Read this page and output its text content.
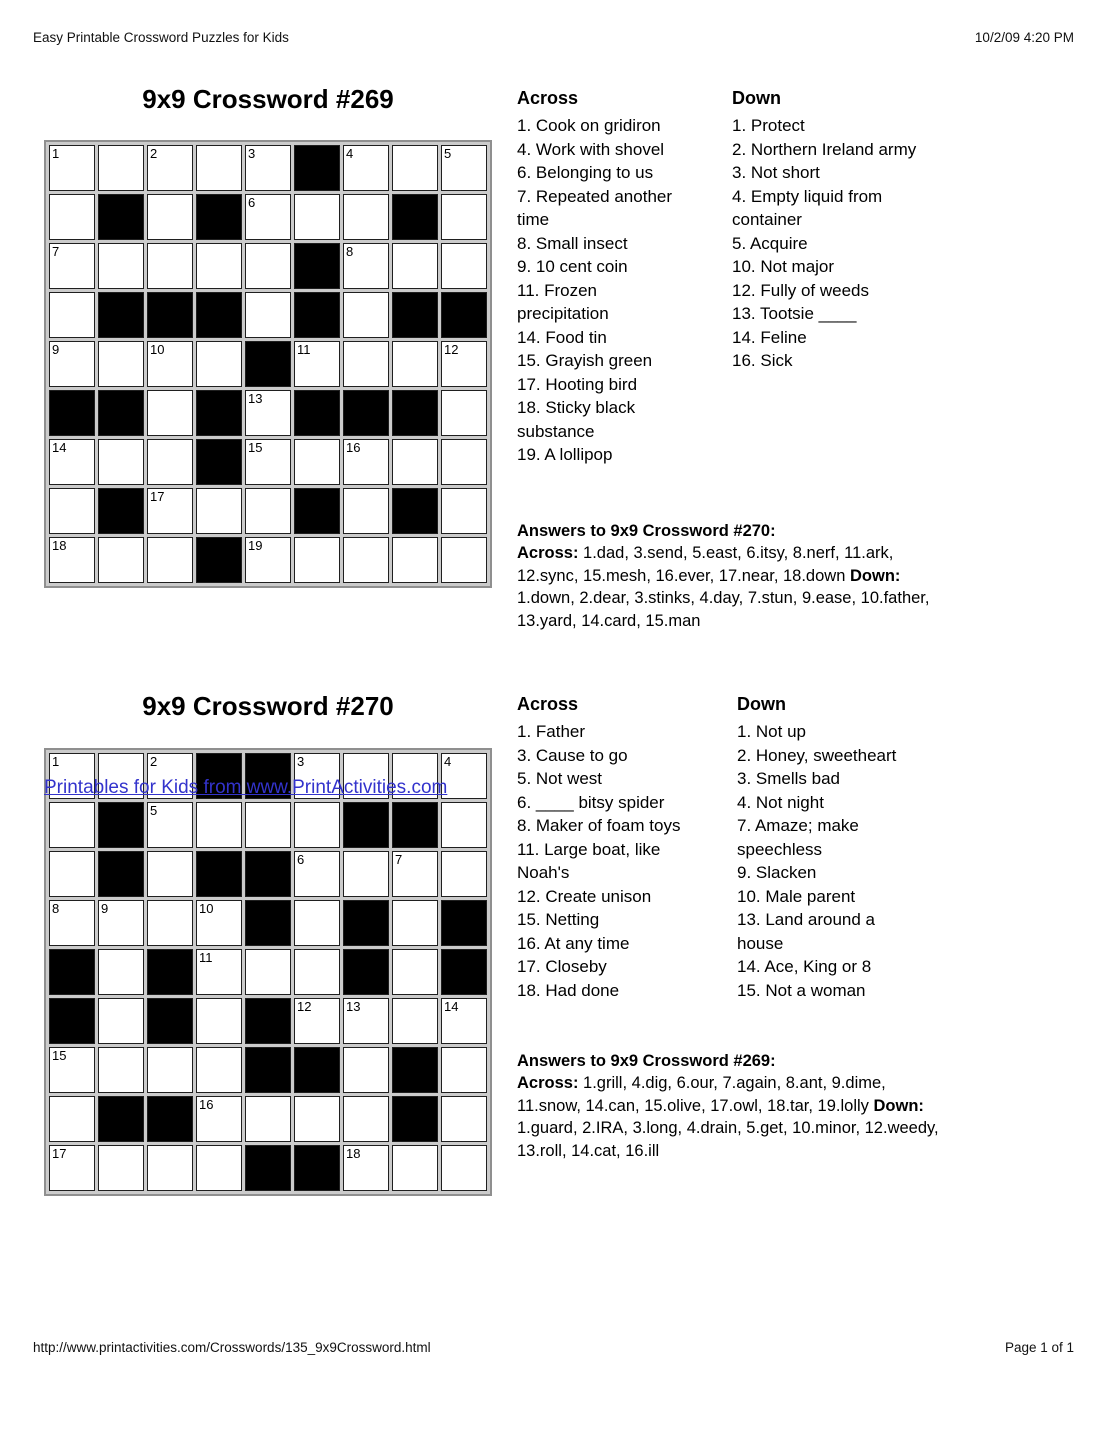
Easy Printable Crossword Puzzles for Kids	10/2/09 4:20 PM
9x9 Crossword #269
1	2	3	4	5
6
7	8
9	10	11	12
13
14	15	16
17
18	19
Across
1. Cook on gridiron
4. Work with shovel
6. Belonging to us
7. Repeated another time
8. Small insect
9. 10 cent coin
11. Frozen precipitation
14. Food tin
15. Grayish green
17. Hooting bird
18. Sticky black substance
19. A lollipop
Down
1. Protect
2. Northern Ireland army
3. Not short
4. Empty liquid from container
5. Acquire
10. Not major
12. Fully of weeds
13. Tootsie ____
14. Feline
16. Sick
Answers to 9x9 Crossword #270:

Across: 1.dad, 3.send, 5.east, 6.itsy, 8.nerf, 11.ark, 12.sync, 15.mesh, 16.ever, 17.near, 18.down Down: 1.down, 2.dear, 3.stinks, 4.day, 7.stun, 9.ease, 10.father, 13.yard, 14.card, 15.man

9x9 Crossword #270
1	2	3	4
5
6	7
8	9	10
11
12	13	14
15
16
17	18
Printables for Kids from www.PrintActivities.com
Across
1. Father
3. Cause to go
5. Not west
6. ____ bitsy spider
8. Maker of foam toys
11. Large boat, like Noah's
12. Create unison
15. Netting
16. At any time
17. Closeby
18. Had done
Down
1. Not up
2. Honey, sweetheart
3. Smells bad
4. Not night
7. Amaze; make speechless
9. Slacken
10. Male parent
13. Land around a house
14. Ace, King or 8
15. Not a woman
Answers to 9x9 Crossword #269:

Across: 1.grill, 4.dig, 6.our, 7.again, 8.ant, 9.dime, 11.snow, 14.can, 15.olive, 17.owl, 18.tar, 19.lolly Down: 1.guard, 2.IRA, 3.long, 4.drain, 5.get, 10.minor, 12.weedy, 13.roll, 14.cat, 16.ill

http://www.printactivities.com/Crosswords/135_9x9Crossword.html	Page 1 of 1
